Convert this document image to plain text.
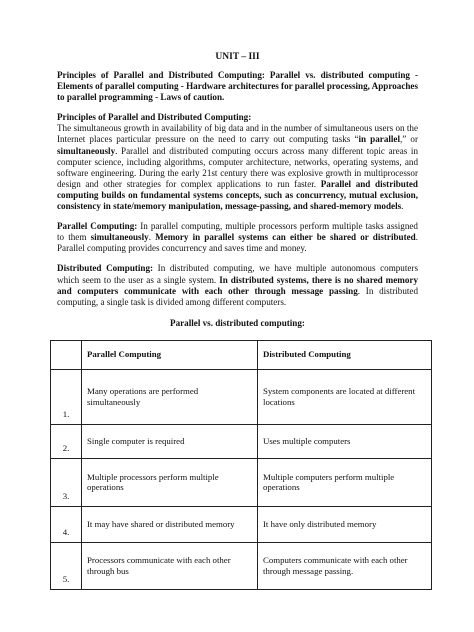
UNIT – III

Principles of Parallel and Distributed Computing: Parallel vs. distributed computing - Elements of parallel computing - Hardware architectures for parallel processing, Approaches to parallel programming - Laws of caution.

Principles of Parallel and Distributed Computing:

The simultaneous growth in availability of big data and in the number of simultaneous users on the Internet places particular pressure on the need to carry out computing tasks “in parallel,” or simultaneously. Parallel and distributed computing occurs across many different topic areas in computer science, including algorithms, computer architecture, networks, operating systems, and software engineering. During the early 21st century there was explosive growth in multiprocessor design and other strategies for complex applications to run faster. Parallel and distributed computing builds on fundamental systems concepts, such as concurrency, mutual exclusion, consistency in state/memory manipulation, message-passing, and shared-memory models.

Parallel Computing: In parallel computing, multiple processors perform multiple tasks assigned to them simultaneously. Memory in parallel systems can either be shared or distributed. Parallel computing provides concurrency and saves time and money.

Distributed Computing: In distributed computing, we have multiple autonomous computers which seem to the user as a single system. In distributed systems, there is no shared memory and computers communicate with each other through message passing. In distributed computing, a single task is divided among different computers.

Parallel vs. distributed computing:
	Parallel Computing	Distributed Computing
1.	Many operations are performed simultaneously	System components are located at different locations
2.	Single computer is required	Uses multiple computers
3.	Multiple processors perform multiple operations	Multiple computers perform multiple operations
4.	It may have shared or distributed memory	It have only distributed memory
5.	Processors communicate with each other through bus	Computers communicate with each other through message passing.
